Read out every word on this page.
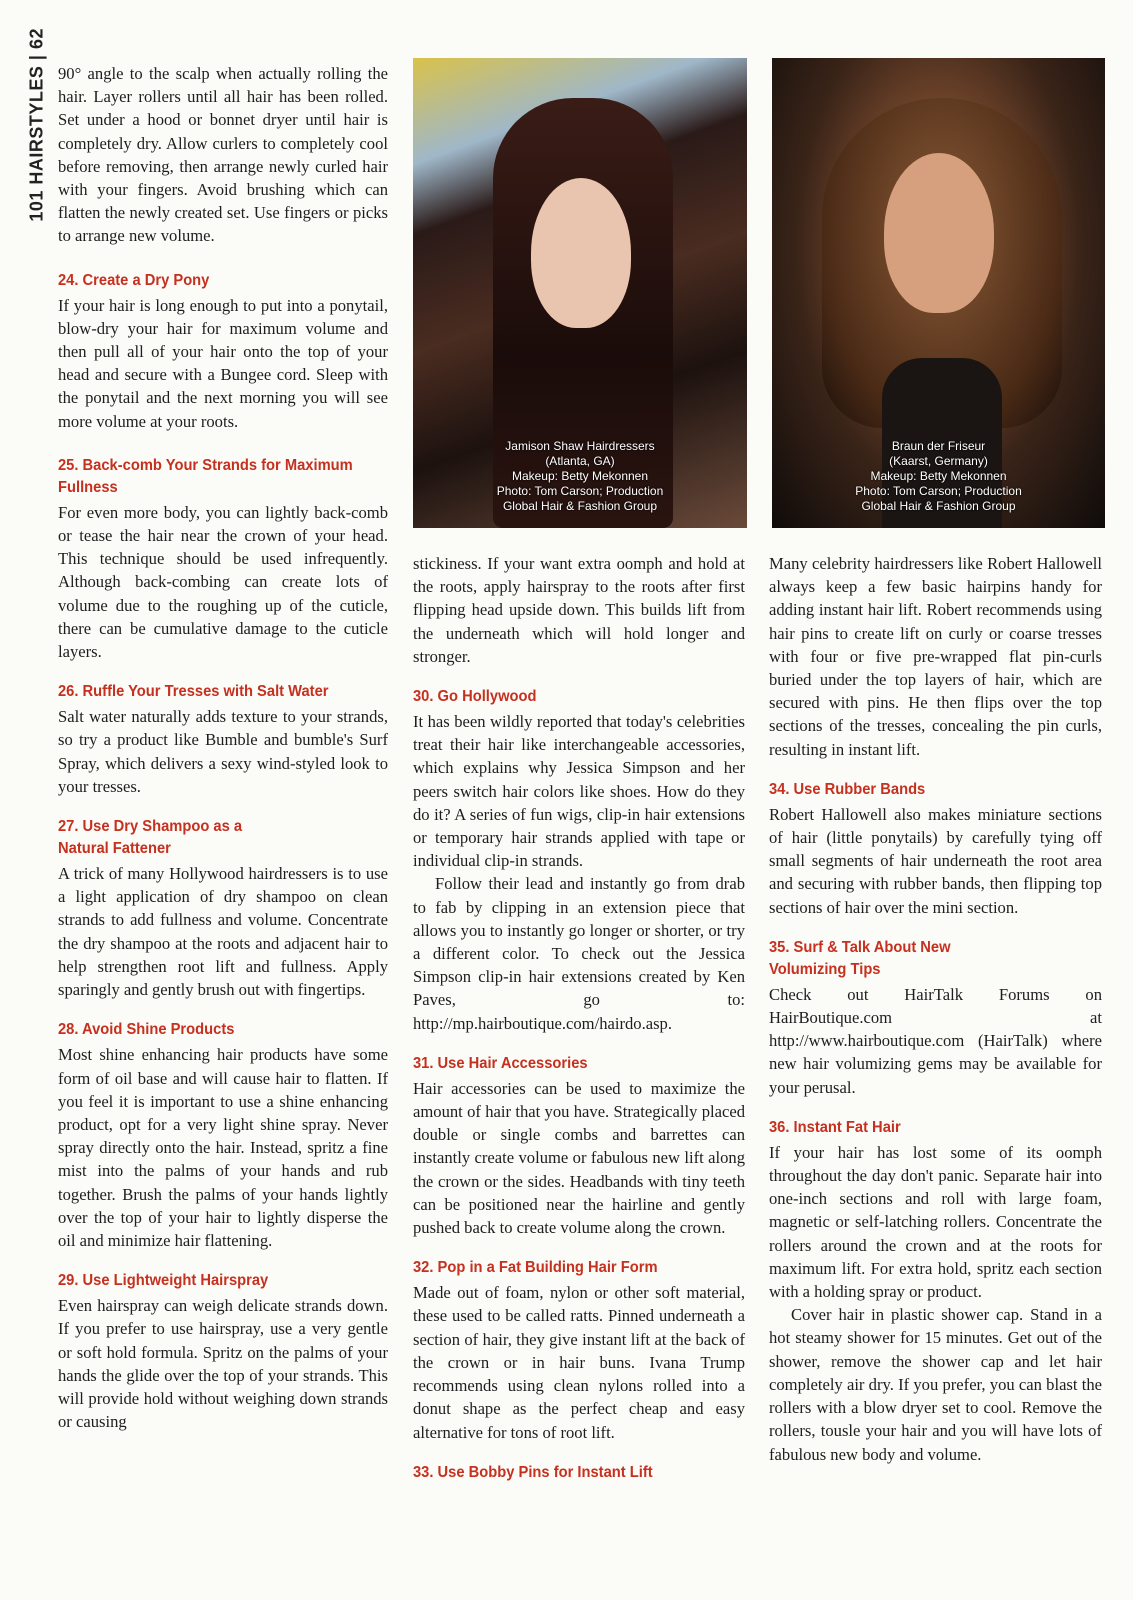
101 HAIRSTYLES | 62 90° angle to the scalp when actually rolling the hair. Layer rollers until all hair has been rolled. Set under a hood or bonnet dryer until hair is completely dry. Allow curlers to completely cool before removing, then arrange newly curled hair with your fingers. Avoid brushing which can flatten the newly created set. Use fingers or picks to arrange new volume.

24. Create a Dry Pony

If your hair is long enough to put into a ponytail, blow-dry your hair for maximum volume and then pull all of your hair onto the top of your head and secure with a Bungee cord. Sleep with the ponytail and the next morning you will see more volume at your roots.

25. Back-comb Your Strands for Maximum Fullness

For even more body, you can lightly back-comb or tease the hair near the crown of your head. This technique should be used infrequently. Although back-combing can create lots of volume due to the roughing up of the cuticle, there can be cumulative damage to the cuticle layers.

26. Ruffle Your Tresses with Salt Water

Salt water naturally adds texture to your strands, so try a product like Bumble and bumble's Surf Spray, which delivers a sexy wind-styled look to your tresses.

27. Use Dry Shampoo as a Natural Fattener

A trick of many Hollywood hairdressers is to use a light application of dry shampoo on clean strands to add fullness and volume. Concentrate the dry shampoo at the roots and adjacent hair to help strengthen root lift and fullness. Apply sparingly and gently brush out with fingertips.

28. Avoid Shine Products

Most shine enhancing hair products have some form of oil base and will cause hair to flatten. If you feel it is important to use a shine enhancing product, opt for a very light shine spray. Never spray directly onto the hair. Instead, spritz a fine mist into the palms of your hands and rub together. Brush the palms of your hands lightly over the top of your hair to lightly disperse the oil and minimize hair flattening.

29. Use Lightweight Hairspray

Even hairspray can weigh delicate strands down. If you prefer to use hairspray, use a very gentle or soft hold formula. Spritz on the palms of your hands the glide over the top of your strands. This will provide hold without weighing down strands or causing

Jamison Shaw Hairdressers
(Atlanta, GA)
Makeup: Betty Mekonnen
Photo: Tom Carson; Production
Global Hair & Fashion Group
Braun der Friseur
(Kaarst, Germany)
Makeup: Betty Mekonnen
Photo: Tom Carson; Production
Global Hair & Fashion Group

stickiness. If your want extra oomph and hold at the roots, apply hairspray to the roots after first flipping head upside down. This builds lift from the underneath which will hold longer and stronger.

30. Go Hollywood

It has been wildly reported that today's celebrities treat their hair like interchangeable accessories, which explains why Jessica Simpson and her peers switch hair colors like shoes. How do they do it? A series of fun wigs, clip-in hair extensions or temporary hair strands applied with tape or individual clip-in strands.

Follow their lead and instantly go from drab to fab by clipping in an extension piece that allows you to instantly go longer or shorter, or try a different color. To check out the Jessica Simpson clip-in hair extensions created by Ken Paves, go to: http://mp.hairboutique.com/hairdo.asp.

31. Use Hair Accessories

Hair accessories can be used to maximize the amount of hair that you have. Strategically placed double or single combs and barrettes can instantly create volume or fabulous new lift along the crown or the sides. Headbands with tiny teeth can be positioned near the hairline and gently pushed back to create volume along the crown.

32. Pop in a Fat Building Hair Form

Made out of foam, nylon or other soft material, these used to be called ratts. Pinned underneath a section of hair, they give instant lift at the back of the crown or in hair buns. Ivana Trump recommends using clean nylons rolled into a donut shape as the perfect cheap and easy alternative for tons of root lift.

33. Use Bobby Pins for Instant Lift

Many celebrity hairdressers like Robert Hallowell always keep a few basic hairpins handy for adding instant hair lift. Robert recommends using hair pins to create lift on curly or coarse tresses with four or five pre-wrapped flat pin-curls buried under the top layers of hair, which are secured with pins. He then flips over the top sections of the tresses, concealing the pin curls, resulting in instant lift.

34. Use Rubber Bands

Robert Hallowell also makes miniature sections of hair (little ponytails) by carefully tying off small segments of hair underneath the root area and securing with rubber bands, then flipping top sections of hair over the mini section.

35. Surf & Talk About New Volumizing Tips

Check out HairTalk Forums on HairBoutique.com at http://www.hairboutique.com (HairTalk) where new hair volumizing gems may be available for your perusal.

36. Instant Fat Hair

If your hair has lost some of its oomph throughout the day don't panic. Separate hair into one-inch sections and roll with large foam, magnetic or self-latching rollers. Concentrate the rollers around the crown and at the roots for maximum lift. For extra hold, spritz each section with a holding spray or product.

Cover hair in plastic shower cap. Stand in a hot steamy shower for 15 minutes. Get out of the shower, remove the shower cap and let hair completely air dry. If you prefer, you can blast the rollers with a blow dryer set to cool. Remove the rollers, tousle your hair and you will have lots of fabulous new body and volume.
